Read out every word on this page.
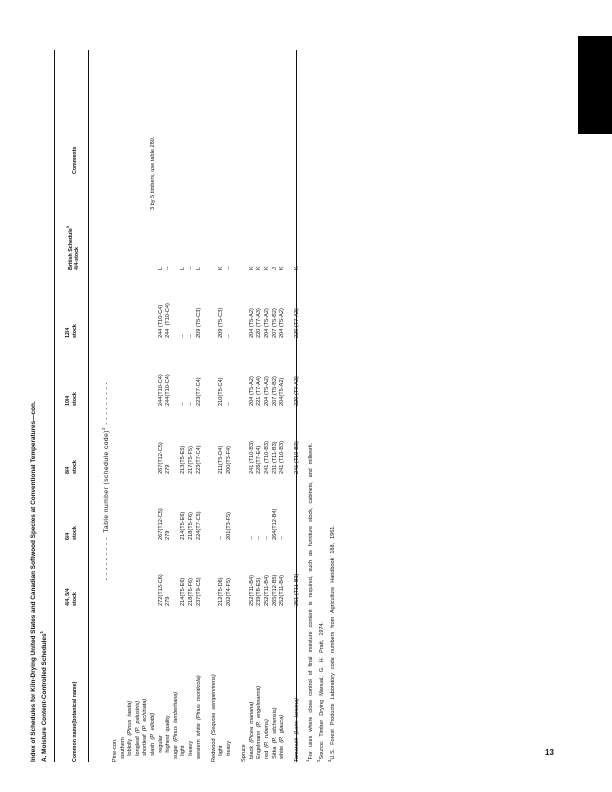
13
Index of Schedules for Kiln-Drying United States and Canadian Softwood Species at Conventional Temperatures—con. A. Moisture Content-Controlled Schedules$^1$
Common name(botanical name)
4/4, 5/4 stock
6/4 stock
8/4 stock
10/4 stock
12/4 stock
British Schedule$^3$
4/4-stock
Comments
- - - - - - - - -  Table number (schedule code)$^2$ - - - - - - - - -
Pine-con. southern loblolly  (Pinus  taeda)
longleaf  (P.  palustris)
shortleaf  (P.  echinata)
slash  (P.  elliottii)
3 by 5 timbers, use table 280.
regular
272(T13-C6)
267(T12-C5)
267(T12-C5)
244(T10-C4)
244 (T10-C4)
L
highest  quality
279
279
279
244(T10-C4)
244  (T10-C4)
--
sugar  (Pinus  lambertiana)
light
214(T5-E6)
214(T5-E6)
213(T5-E5)
--
--
L
heavy
218(T5-F6)
218(T5-F6)
217(T5-F5)
--
--
--
western  white  (Pinus  monticola)
237(T9-C5)
224(T7-C5)
223(T7-C4)
223(T7-C4)
209 (T5-C3)
L
Redwood  (Sequoia  sempervirens)
light
212(T5-D6)
--
211(T5-D4)
210(T5-C4)
209 (T5-C3)
K
heavy
202(T4-F5)
201(T3-F5)
200(T3-F4)
--
--
--
Spruce black  (Picea  mariana)
252(T11-B4)
--
241 (T10-B3)
204 (T5-A2)
204 (T5-A2)
K
Engelmann  (P.  engelmannii)
239(T8-E5)
--
226(T7-E4)
221 (T7-A4)
220 (T7-A3)
K
red  (P.  rubens)
252(T11-B4)
--
241 (T10-B3)
204 (T5-A2)
204 (T5-A2)
K
Sitka  (P.  sitchensis)
265(T12-B5)
264(T12-B4)
231 (T11-B3)
207 (T5-B2)
207 (T5-B2)
J
white  (P.  glauca)
252(T11-B4)
--
241 (T10-B3)
204(T5-A2)
204 (T5-A2)
K
Tamarack  (Larix  laricina)
251 (T11-B3)
--
241 (T10-B3)
220 (T7-A3)
220 (T7-A3)
K
$^1$For uses where close control of final moisture content is required, such as furniture stock, cabinets, and millwork.
$^2$Source: Timber Drying Manual, G. H. Pratt, 1974.
$^3$U.S. Forest Products Laboratory code numbers from Agriculture Handbook 188, 1961.
